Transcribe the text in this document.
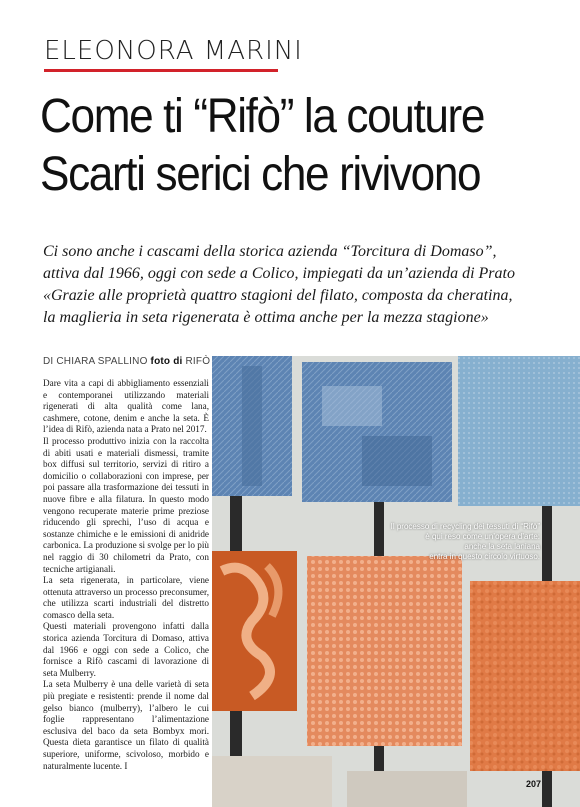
ELEONORA MARINI
Come ti “Rifò” la couture
Scarti serici che rivivono
Ci sono anche i cascami della storica azienda “Torcitura di Domaso”,
attiva dal 1966, oggi con sede a Colico, impiegati da un’azienda di Prato
«Grazie alle proprietà quattro stagioni del filato, composta da cheratina,
la maglieria in seta rigenerata è ottima anche per la mezza stagione»
DI CHIARA SPALLINO foto di RIFÒ

Dare vita a capi di abbigliamento essenziali e contemporanei utilizzando materiali rigenerati di alta qualità come lana, cashmere, cotone, denim e anche la seta. È l’idea di Rifò, azienda nata a Prato nel 2017.

Il processo produttivo inizia con la raccolta di abiti usati e materiali dismessi, tramite box diffusi sul territorio, servizi di ritiro a domicilio o collaborazioni con imprese, per poi passare alla trasformazione dei tessuti in nuove fibre e alla filatura. In questo modo vengono recuperate materie prime preziose riducendo gli sprechi, l’uso di acqua e sostanze chimiche e le emissioni di anidride carbonica. La produzione si svolge per lo più nel raggio di 30 chilometri da Prato, con tecniche artigianali.

La seta rigenerata, in particolare, viene ottenuta attraverso un processo preconsumer, che utilizza scarti industriali del distretto comasco della seta.

Questi materiali provengono infatti dalla storica azienda Torcitura di Domaso, attiva dal 1966 e oggi con sede a Colico, che fornisce a Rifò cascami di lavorazione di seta Mulberry.

La seta Mulberry è una delle varietà di seta più pregiate e resistenti: prende il nome dal gelso bianco (mulberry), l’albero le cui foglie rappresentano l’alimentazione esclusiva del baco da seta Bombyx mori. Questa dieta garantisce un filato di qualità superiore, uniforme, scivoloso, morbido e naturalmente lucente. I

Il processo di recycling dei tessuti di “Rifò”
è qui reso come un’opera d’arte:
anche la seta laniana
entra in questo circolo virtuoso.
207
